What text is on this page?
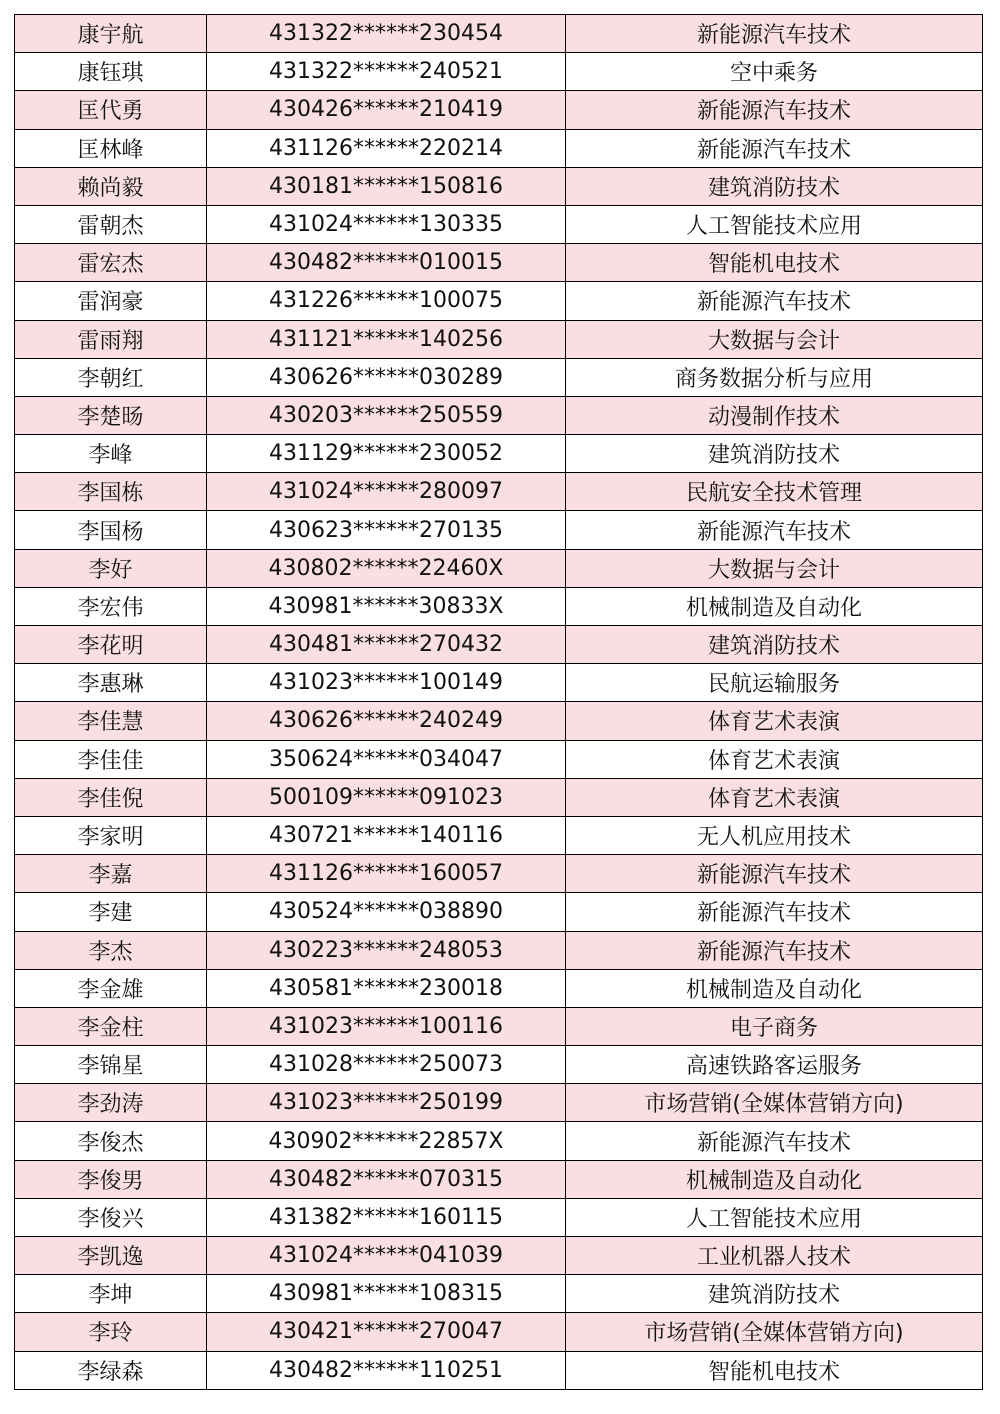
康宇航	431322******230454	新能源汽车技术
康钰琪	431322******240521	空中乘务
匡代勇	430426******210419	新能源汽车技术
匡林峰	431126******220214	新能源汽车技术
赖尚毅	430181******150816	建筑消防技术
雷朝杰	431024******130335	人工智能技术应用
雷宏杰	430482******010015	智能机电技术
雷润豪	431226******100075	新能源汽车技术
雷雨翔	431121******140256	大数据与会计
李朝红	430626******030289	商务数据分析与应用
李楚旸	430203******250559	动漫制作技术
李峰	431129******230052	建筑消防技术
李国栋	431024******280097	民航安全技术管理
李国杨	430623******270135	新能源汽车技术
李好	430802******22460X	大数据与会计
李宏伟	430981******30833X	机械制造及自动化
李花明	430481******270432	建筑消防技术
李惠琳	431023******100149	民航运输服务
李佳慧	430626******240249	体育艺术表演
李佳佳	350624******034047	体育艺术表演
李佳倪	500109******091023	体育艺术表演
李家明	430721******140116	无人机应用技术
李嘉	431126******160057	新能源汽车技术
李建	430524******038890	新能源汽车技术
李杰	430223******248053	新能源汽车技术
李金雄	430581******230018	机械制造及自动化
李金柱	431023******100116	电子商务
李锦星	431028******250073	高速铁路客运服务
李劲涛	431023******250199	市场营销(全媒体营销方向)
李俊杰	430902******22857X	新能源汽车技术
李俊男	430482******070315	机械制造及自动化
李俊兴	431382******160115	人工智能技术应用
李凯逸	431024******041039	工业机器人技术
李坤	430981******108315	建筑消防技术
李玲	430421******270047	市场营销(全媒体营销方向)
李绿森	430482******110251	智能机电技术
